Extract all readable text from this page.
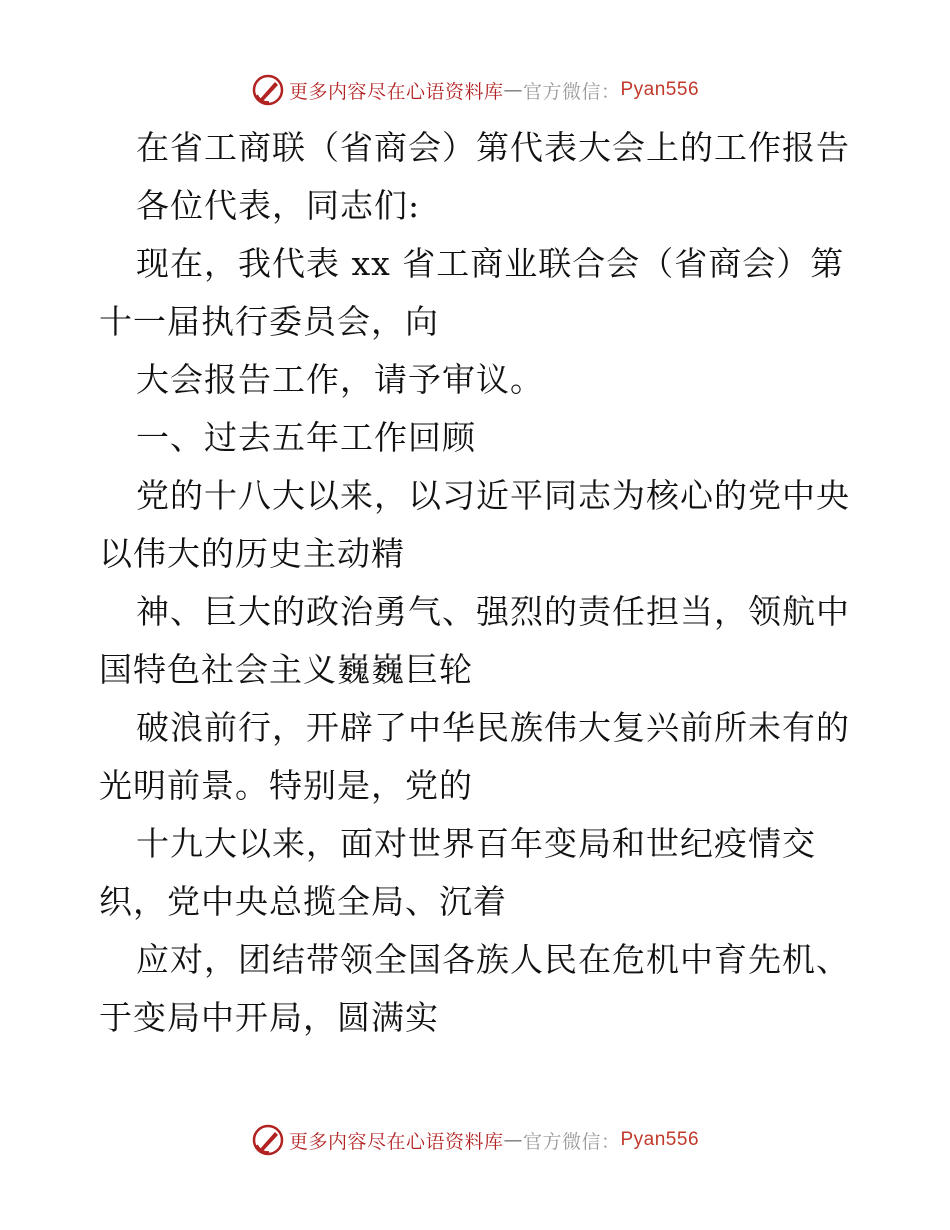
更多内容尽在心语资料库 — 官方微信： Pyan556
在省工商联（省商会）第代表大会上的工作报告
各位代表，同志们:
现在，我代表 xx 省工商业联合会（省商会）第
十一届执行委员会，向
大会报告工作，请予审议。
一、过去五年工作回顾
党的十八大以来，以习近平同志为核心的党中央
以伟大的历史主动精
神、巨大的政治勇气、强烈的责任担当，领航中
国特色社会主义巍巍巨轮
破浪前行，开辟了中华民族伟大复兴前所未有的
光明前景。特别是，党的
十九大以来，面对世界百年变局和世纪疫情交
织，党中央总揽全局、沉着
应对，团结带领全国各族人民在危机中育先机、
于变局中开局，圆满实
更多内容尽在心语资料库 — 官方微信： Pyan556
